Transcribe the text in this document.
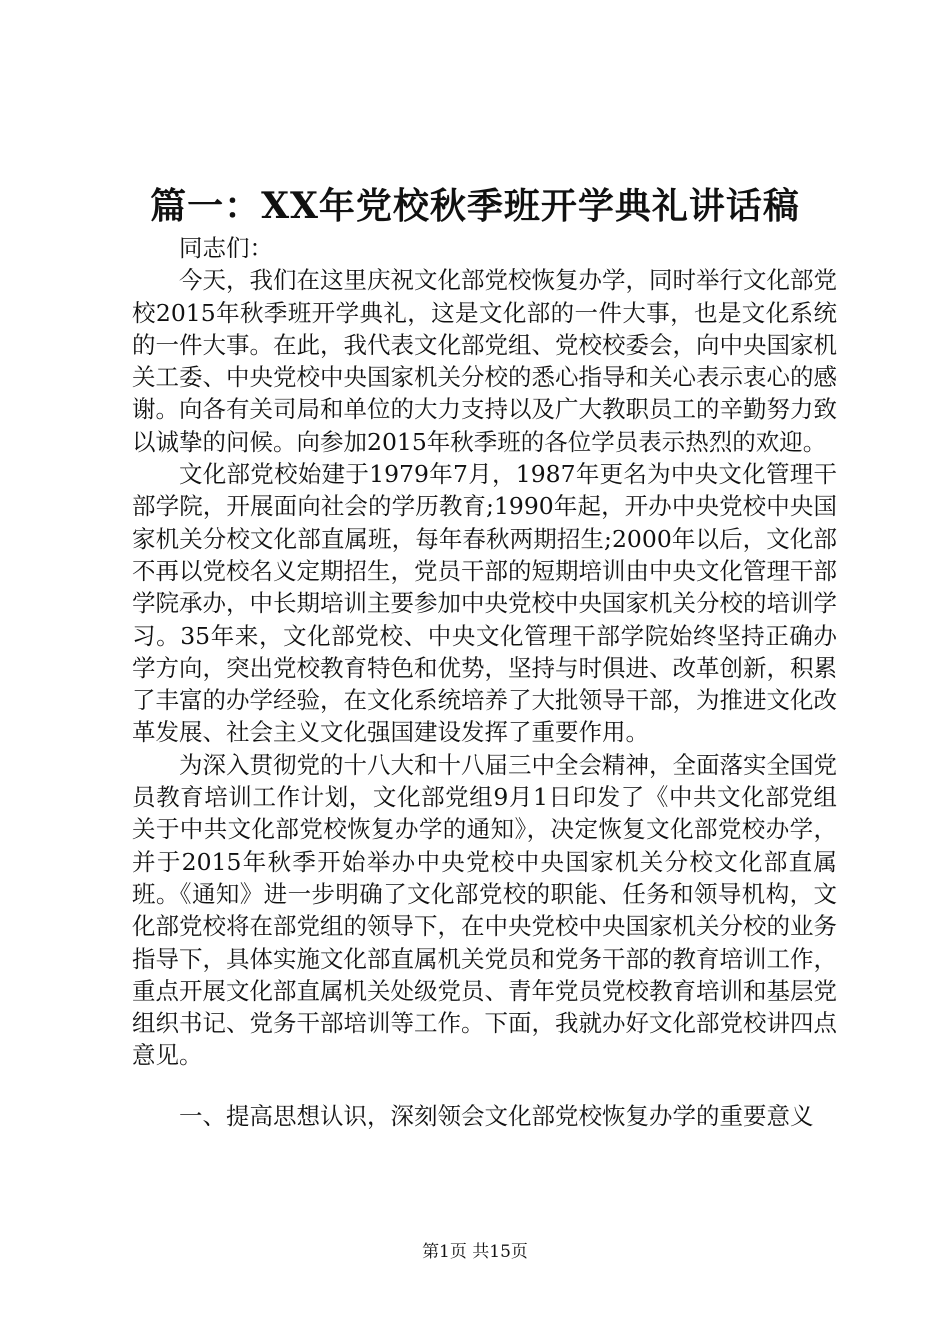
篇一：XX年党校秋季班开学典礼讲话稿

同志们：

今天，我们在这里庆祝文化部党校恢复办学，同时举行文化部党校2015年秋季班开学典礼，这是文化部的一件大事，也是文化系统的一件大事。在此，我代表文化部党组、党校校委会，向中央国家机关工委、中央党校中央国家机关分校的悉心指导和关心表示衷心的感谢。向各有关司局和单位的大力支持以及广大教职员工的辛勤努力致以诚挚的问候。向参加2015年秋季班的各位学员表示热烈的欢迎。

文化部党校始建于1979年7月，1987年更名为中央文化管理干部学院，开展面向社会的学历教育;1990年起，开办中央党校中央国家机关分校文化部直属班，每年春秋两期招生;2000年以后，文化部不再以党校名义定期招生，党员干部的短期培训由中央文化管理干部学院承办，中长期培训主要参加中央党校中央国家机关分校的培训学习。35年来，文化部党校、中央文化管理干部学院始终坚持正确办学方向，突出党校教育特色和优势，坚持与时俱进、改革创新，积累了丰富的办学经验，在文化系统培养了大批领导干部，为推进文化改革发展、社会主义文化强国建设发挥了重要作用。

为深入贯彻党的十八大和十八届三中全会精神，全面落实全国党员教育培训工作计划，文化部党组9月1日印发了《中共文化部党组关于中共文化部党校恢复办学的通知》，决定恢复文化部党校办学，并于2015年秋季开始举办中央党校中央国家机关分校文化部直属班。《通知》进一步明确了文化部党校的职能、任务和领导机构，文化部党校将在部党组的领导下，在中央党校中央国家机关分校的业务指导下，具体实施文化部直属机关党员和党务干部的教育培训工作，重点开展文化部直属机关处级党员、青年党员党校教育培训和基层党组织书记、党务干部培训等工作。下面，我就办好文化部党校讲四点意见。

一、提高思想认识，深刻领会文化部党校恢复办学的重要意义

第1页 共15页
